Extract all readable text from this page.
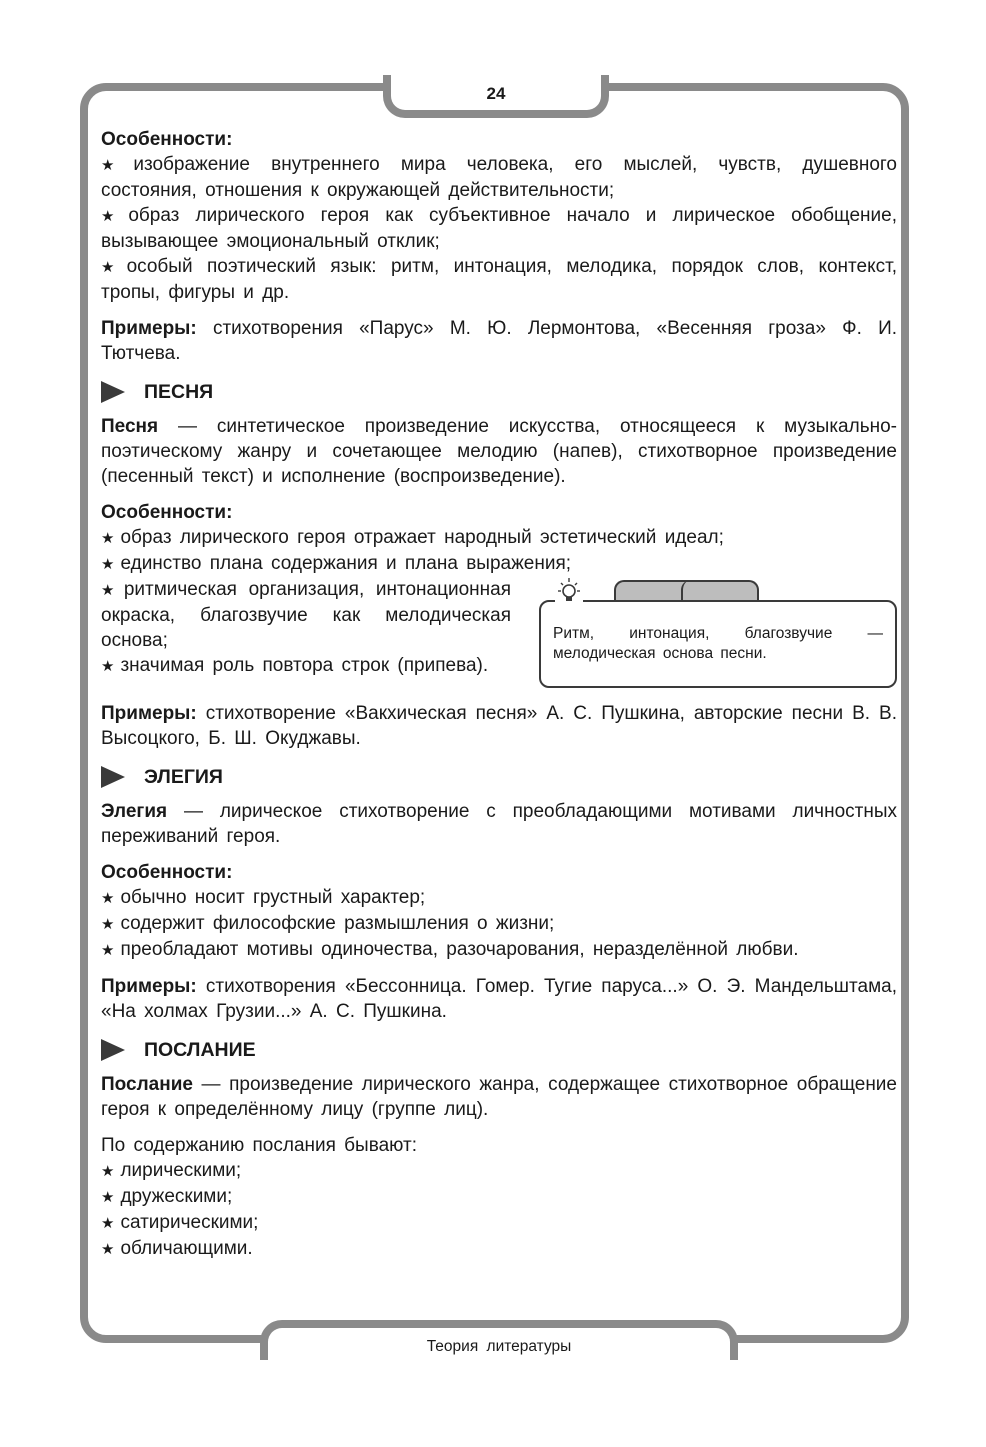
24
Теория литературы

Особенности:

★ изображение внутреннего мира человека, его мыслей, чувств, душевного состояния, отношения к окружающей действительности;

★ образ лирического героя как субъективное начало и лирическое обобщение, вызывающее эмоциональный отклик;

★ особый поэтический язык: ритм, интонация, мелодика, порядок слов, контекст, тропы, фигуры и др.

Примеры: стихотворения «Парус» М. Ю. Лермонтова, «Весенняя гроза» Ф. И. Тютчева.

ПЕСНЯ

Песня — синтетическое произведение искусства, относящееся к музыкально-поэтическому жанру и сочетающее мелодию (напев), стихотворное произведение (песенный текст) и исполнение (воспроизведение).

Особенности:

★ образ лирического героя отражает народный эстетический идеал;

★ единство плана содержания и плана выражения;

★ ритмическая организация, интонационная окраска, благозвучие как мелодическая основа;

★ значимая роль повтора строк (припева).

Ритм, интонация, благозвучие — мелодическая основа песни.

Примеры: стихотворение «Вакхическая песня» А. С. Пушкина, авторские песни В. В. Высоцкого, Б. Ш. Окуджавы.

ЭЛЕГИЯ

Элегия — лирическое стихотворение с преобладающими мотивами личностных переживаний героя.

Особенности:

★ обычно носит грустный характер;

★ содержит философские размышления о жизни;

★ преобладают мотивы одиночества, разочарования, неразделённой любви.

Примеры: стихотворения «Бессонница. Гомер. Тугие паруса...» О. Э. Мандельштама, «На холмах Грузии...» А. С. Пушкина.

ПОСЛАНИЕ

Послание — произведение лирического жанра, содержащее стихотворное обращение героя к определённому лицу (группе лиц).

По содержанию послания бывают:

★ лирическими;

★ дружескими;

★ сатирическими;

★ обличающими.
